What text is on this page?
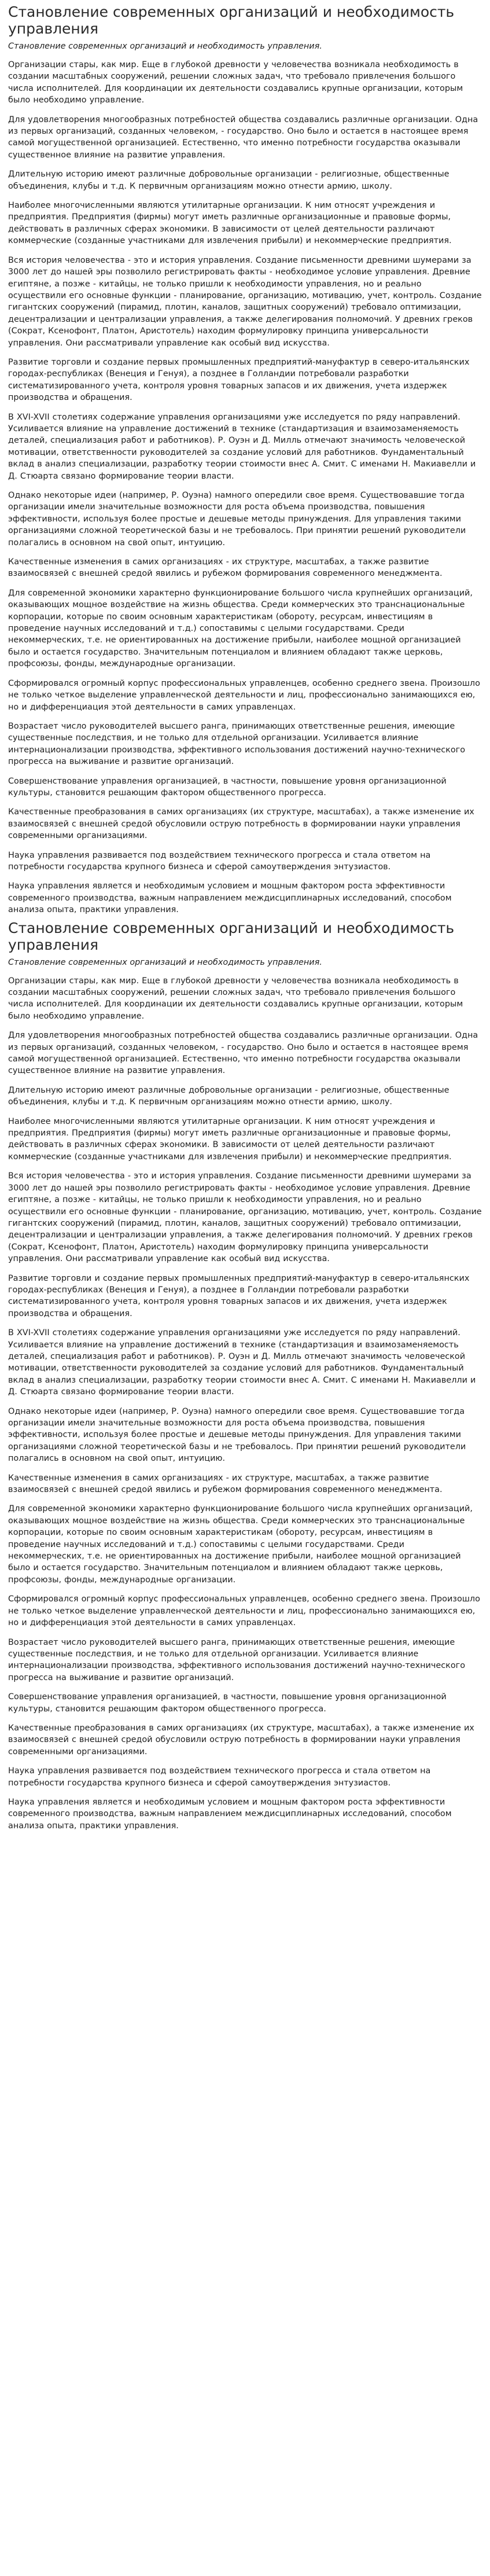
Становление современных организаций и необходимость управления

Становление современных организаций и необходимость управления.

Организации стары, как мир. Еще в глубокой древности у человечества возникала необходимость в создании масштабных сооружений, решении сложных задач, что требовало привлечения большого числа исполнителей. Для координации их деятельности создавались крупные организации, которым было необходимо управление.

Для удовлетворения многообразных потребностей общества создавались различные организации. Одна из первых организаций, созданных человеком, - государство. Оно было и остается в настоящее время самой могущественной организацией. Естественно, что именно потребности государства оказывали существенное влияние на развитие управления.

Длительную историю имеют различные добровольные организации - религиозные, общественные объединения, клубы и т.д. К первичным организациям можно отнести армию, школу.

Наиболее многочисленными являются утилитарные организации. К ним относят учреждения и предприятия. Предприятия (фирмы) могут иметь различные организационные и правовые формы, действовать в различных сферах экономики. В зависимости от целей деятельности различают коммерческие (созданные участниками для извлечения прибыли) и некоммерческие предприятия.

Вся история человечества - это и история управления. Создание письменности древними шумерами за 3000 лет до нашей эры позволило регистрировать факты - необходимое условие управления. Древние египтяне, а позже - китайцы, не только пришли к необходимости управления, но и реально осуществили его основные функции - планирование, организацию, мотивацию, учет, контроль. Создание гигантских сооружений (пирамид, плотин, каналов, защитных сооружений) требовало оптимизации, децентрализации и централизации управления, а также делегирования полномочий. У древних греков (Сократ, Ксенофонт, Платон, Аристотель) находим формулировку принципа универсальности управления. Они рассматривали управление как особый вид искусства.

Развитие торговли и создание первых промышленных предприятий-мануфактур в северо-итальянских городах-республиках (Венеция и Генуя), а позднее в Голландии потребовали разработки систематизированного учета, контроля уровня товарных запасов и их движения, учета издержек производства и обращения.

В XVI-XVII столетиях содержание управления организациями уже исследуется по ряду направлений. Усиливается влияние на управление достижений в технике (стандартизация и взаимозаменяемость деталей, специализация работ и работников). Р. Оуэн и Д. Милль отмечают значимость человеческой мотивации, ответственности руководителей за создание условий для работников. Фундаментальный вклад в анализ специализации, разработку теории стоимости внес А. Смит. С именами Н. Макиавелли и Д. Стюарта связано формирование теории власти.

Однако некоторые идеи (например, Р. Оуэна) намного опередили свое время. Существовавшие тогда организации имели значительные возможности для роста объема производства, повышения эффективности, используя более простые и дешевые методы принуждения. Для управления такими организациями сложной теоретической базы и не требовалось. При принятии решений руководители полагались в основном на свой опыт, интуицию.

Качественные изменения в самих организациях - их структуре, масштабах, а также развитие взаимосвязей с внешней средой явились и рубежом формирования современного менеджмента.

Для современной экономики характерно функционирование большого числа крупнейших организаций, оказывающих мощное воздействие на жизнь общества. Среди коммерческих это транснациональные корпорации, которые по своим основным характеристикам (обороту, ресурсам, инвестициям в проведение научных исследований и т.д.) сопоставимы с целыми государствами. Среди некоммерческих, т.е. не ориентированных на достижение прибыли, наиболее мощной организацией было и остается государство. Значительным потенциалом и влиянием обладают также церковь, профсоюзы, фонды, международные организации.

Сформировался огромный корпус профессиональных управленцев, особенно среднего звена. Произошло не только четкое выделение управленческой деятельности и лиц, профессионально занимающихся ею, но и дифференциация этой деятельности в самих управленцах.

Возрастает число руководителей высшего ранга, принимающих ответственные решения, имеющие существенные последствия, и не только для отдельной организации. Усиливается влияние интернационализации производства, эффективного использования достижений научно-технического прогресса на выживание и развитие организаций.

Совершенствование управления организацией, в частности, повышение уровня организационной культуры, становится решающим фактором общественного прогресса.

Качественные преобразования в самих организациях (их структуре, масштабах), а также изменение их взаимосвязей с внешней средой обусловили острую потребность в формировании науки управления современными организациями.

Наука управления развивается под воздействием технического прогресса и стала ответом на потребности государства крупного бизнеса и сферой самоутверждения энтузиастов.

Наука управления является и необходимым условием и мощным фактором роста эффективности современного производства, важным направлением междисциплинарных исследований, способом анализа опыта, практики управления.

Становление современных организаций и необходимость управления

Становление современных организаций и необходимость управления.

Организации стары, как мир. Еще в глубокой древности у человечества возникала необходимость в создании масштабных сооружений, решении сложных задач, что требовало привлечения большого числа исполнителей. Для координации их деятельности создавались крупные организации, которым было необходимо управление.

Для удовлетворения многообразных потребностей общества создавались различные организации. Одна из первых организаций, созданных человеком, - государство. Оно было и остается в настоящее время самой могущественной организацией. Естественно, что именно потребности государства оказывали существенное влияние на развитие управления.

Длительную историю имеют различные добровольные организации - религиозные, общественные объединения, клубы и т.д. К первичным организациям можно отнести армию, школу.

Наиболее многочисленными являются утилитарные организации. К ним относят учреждения и предприятия. Предприятия (фирмы) могут иметь различные организационные и правовые формы, действовать в различных сферах экономики. В зависимости от целей деятельности различают коммерческие (созданные участниками для извлечения прибыли) и некоммерческие предприятия.

Вся история человечества - это и история управления. Создание письменности древними шумерами за 3000 лет до нашей эры позволило регистрировать факты - необходимое условие управления. Древние египтяне, а позже - китайцы, не только пришли к необходимости управления, но и реально осуществили его основные функции - планирование, организацию, мотивацию, учет, контроль. Создание гигантских сооружений (пирамид, плотин, каналов, защитных сооружений) требовало оптимизации, децентрализации и централизации управления, а также делегирования полномочий. У древних греков (Сократ, Ксенофонт, Платон, Аристотель) находим формулировку принципа универсальности управления. Они рассматривали управление как особый вид искусства.

Развитие торговли и создание первых промышленных предприятий-мануфактур в северо-итальянских городах-республиках (Венеция и Генуя), а позднее в Голландии потребовали разработки систематизированного учета, контроля уровня товарных запасов и их движения, учета издержек производства и обращения.

В XVI-XVII столетиях содержание управления организациями уже исследуется по ряду направлений. Усиливается влияние на управление достижений в технике (стандартизация и взаимозаменяемость деталей, специализация работ и работников). Р. Оуэн и Д. Милль отмечают значимость человеческой мотивации, ответственности руководителей за создание условий для работников. Фундаментальный вклад в анализ специализации, разработку теории стоимости внес А. Смит. С именами Н. Макиавелли и Д. Стюарта связано формирование теории власти.

Однако некоторые идеи (например, Р. Оуэна) намного опередили свое время. Существовавшие тогда организации имели значительные возможности для роста объема производства, повышения эффективности, используя более простые и дешевые методы принуждения. Для управления такими организациями сложной теоретической базы и не требовалось. При принятии решений руководители полагались в основном на свой опыт, интуицию.

Качественные изменения в самих организациях - их структуре, масштабах, а также развитие взаимосвязей с внешней средой явились и рубежом формирования современного менеджмента.

Для современной экономики характерно функционирование большого числа крупнейших организаций, оказывающих мощное воздействие на жизнь общества. Среди коммерческих это транснациональные корпорации, которые по своим основным характеристикам (обороту, ресурсам, инвестициям в проведение научных исследований и т.д.) сопоставимы с целыми государствами. Среди некоммерческих, т.е. не ориентированных на достижение прибыли, наиболее мощной организацией было и остается государство. Значительным потенциалом и влиянием обладают также церковь, профсоюзы, фонды, международные организации.

Сформировался огромный корпус профессиональных управленцев, особенно среднего звена. Произошло не только четкое выделение управленческой деятельности и лиц, профессионально занимающихся ею, но и дифференциация этой деятельности в самих управленцах.

Возрастает число руководителей высшего ранга, принимающих ответственные решения, имеющие существенные последствия, и не только для отдельной организации. Усиливается влияние интернационализации производства, эффективного использования достижений научно-технического прогресса на выживание и развитие организаций.

Совершенствование управления организацией, в частности, повышение уровня организационной культуры, становится решающим фактором общественного прогресса.

Качественные преобразования в самих организациях (их структуре, масштабах), а также изменение их взаимосвязей с внешней средой обусловили острую потребность в формировании науки управления современными организациями.

Наука управления развивается под воздействием технического прогресса и стала ответом на потребности государства крупного бизнеса и сферой самоутверждения энтузиастов.

Наука управления является и необходимым условием и мощным фактором роста эффективности современного производства, важным направлением междисциплинарных исследований, способом анализа опыта, практики управления.
